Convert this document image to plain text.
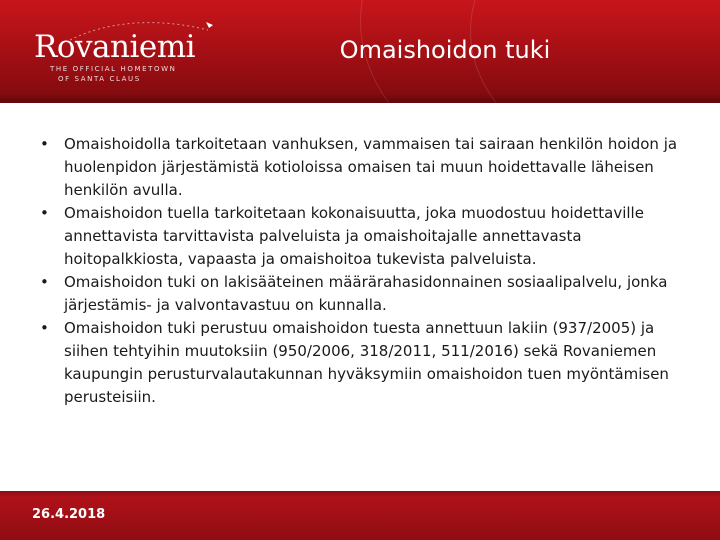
Rovaniemi
THE OFFICIAL HOMETOWN
OF SANTA CLAUS
Omaishoidon tuki
• Omaishoidolla tarkoitetaan vanhuksen, vammaisen tai sairaan henkilön hoidon ja huolenpidon järjestämistä kotioloissa omaisen tai muun hoidettavalle läheisen henkilön avulla.
• Omaishoidon tuella tarkoitetaan kokonaisuutta, joka muodostuu hoidettaville annettavista tarvittavista palveluista ja omaishoitajalle annettavasta hoitopalkkiosta, vapaasta ja omaishoitoa tukevista palveluista.
• Omaishoidon tuki on lakisääteinen määrärahasidonnainen sosiaalipalvelu, jonka järjestämis- ja valvontavastuu on kunnalla.
• Omaishoidon tuki perustuu omaishoidon tuesta annettuun lakiin (937/2005) ja siihen tehtyihin muutoksiin (950/2006, 318/2011, 511/2016) sekä Rovaniemen kaupungin perusturvalautakunnan hyväksymiin omaishoidon tuen myöntämisen perusteisiin.
26.4.2018
